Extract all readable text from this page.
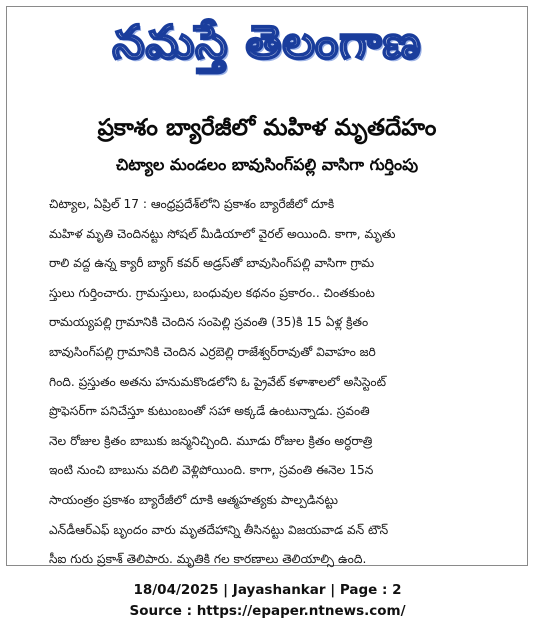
నమస్తే తెలంగాణ
ప్రకాశం బ్యారేజీలో మహిళ మృతదేహం
చిట్యాల మండలం బావుసింగ్‌పల్లి వాసిగా గుర్తింపు
చిట్యాల, ఏప్రిల్ 17 : ఆంధ్రప్రదేశ్‌లోని ప్రకాశం బ్యారేజీలో దూకి
మహిళ మృతి చెందినట్టు సోషల్ మీడియాలో వైరల్ అయింది. కాగా, మృతు
రాలి వద్ద ఉన్న క్యారీ బ్యాగ్ కవర్ అడ్రస్‌తో బావుసింగ్‌పల్లి వాసిగా గ్రామ
స్తులు గుర్తించారు. గ్రామస్తులు, బంధువుల కథనం ప్రకారం.. చింతకుంట
రామయ్యపల్లి గ్రామానికి చెందిన సంపెల్లి స్రవంతి (35)కి 15 ఏళ్ల క్రితం
బావుసింగ్‌పల్లి గ్రామానికి చెందిన ఎర్రబెల్లి రాజేశ్వర్‌రావుతో వివాహం జరి
గింది. ప్రస్తుతం అతను హనుమకొండలోని ఓ ప్రైవేట్ కళాశాలలో అసిస్టెంట్
ప్రొఫెసర్‌గా పనిచేస్తూ కుటుంబంతో సహా అక్కడే ఉంటున్నాడు. స్రవంతి
నెల రోజుల క్రితం బాబుకు జన్మనిచ్చింది. మూడు రోజుల క్రితం అర్ధరాత్రి
ఇంటి నుంచి బాబును వదిలి వెళ్లిపోయింది. కాగా, స్రవంతి ఈనెల 15న
సాయంత్రం ప్రకాశం బ్యారేజీలో దూకి ఆత్మహత్యకు పాల్పడినట్టు
ఎన్‌డీఆర్‌ఎఫ్ బృందం వారు మృతదేహాన్ని తీసినట్టు విజయవాడ వన్ టౌన్
సీఐ గురు ప్రకాశ్ తెలిపారు. మృతికి గల కారణాలు తెలియాల్సి ఉంది.
18/04/2025 | Jayashankar | Page : 2
Source : https://epaper.ntnews.com/
